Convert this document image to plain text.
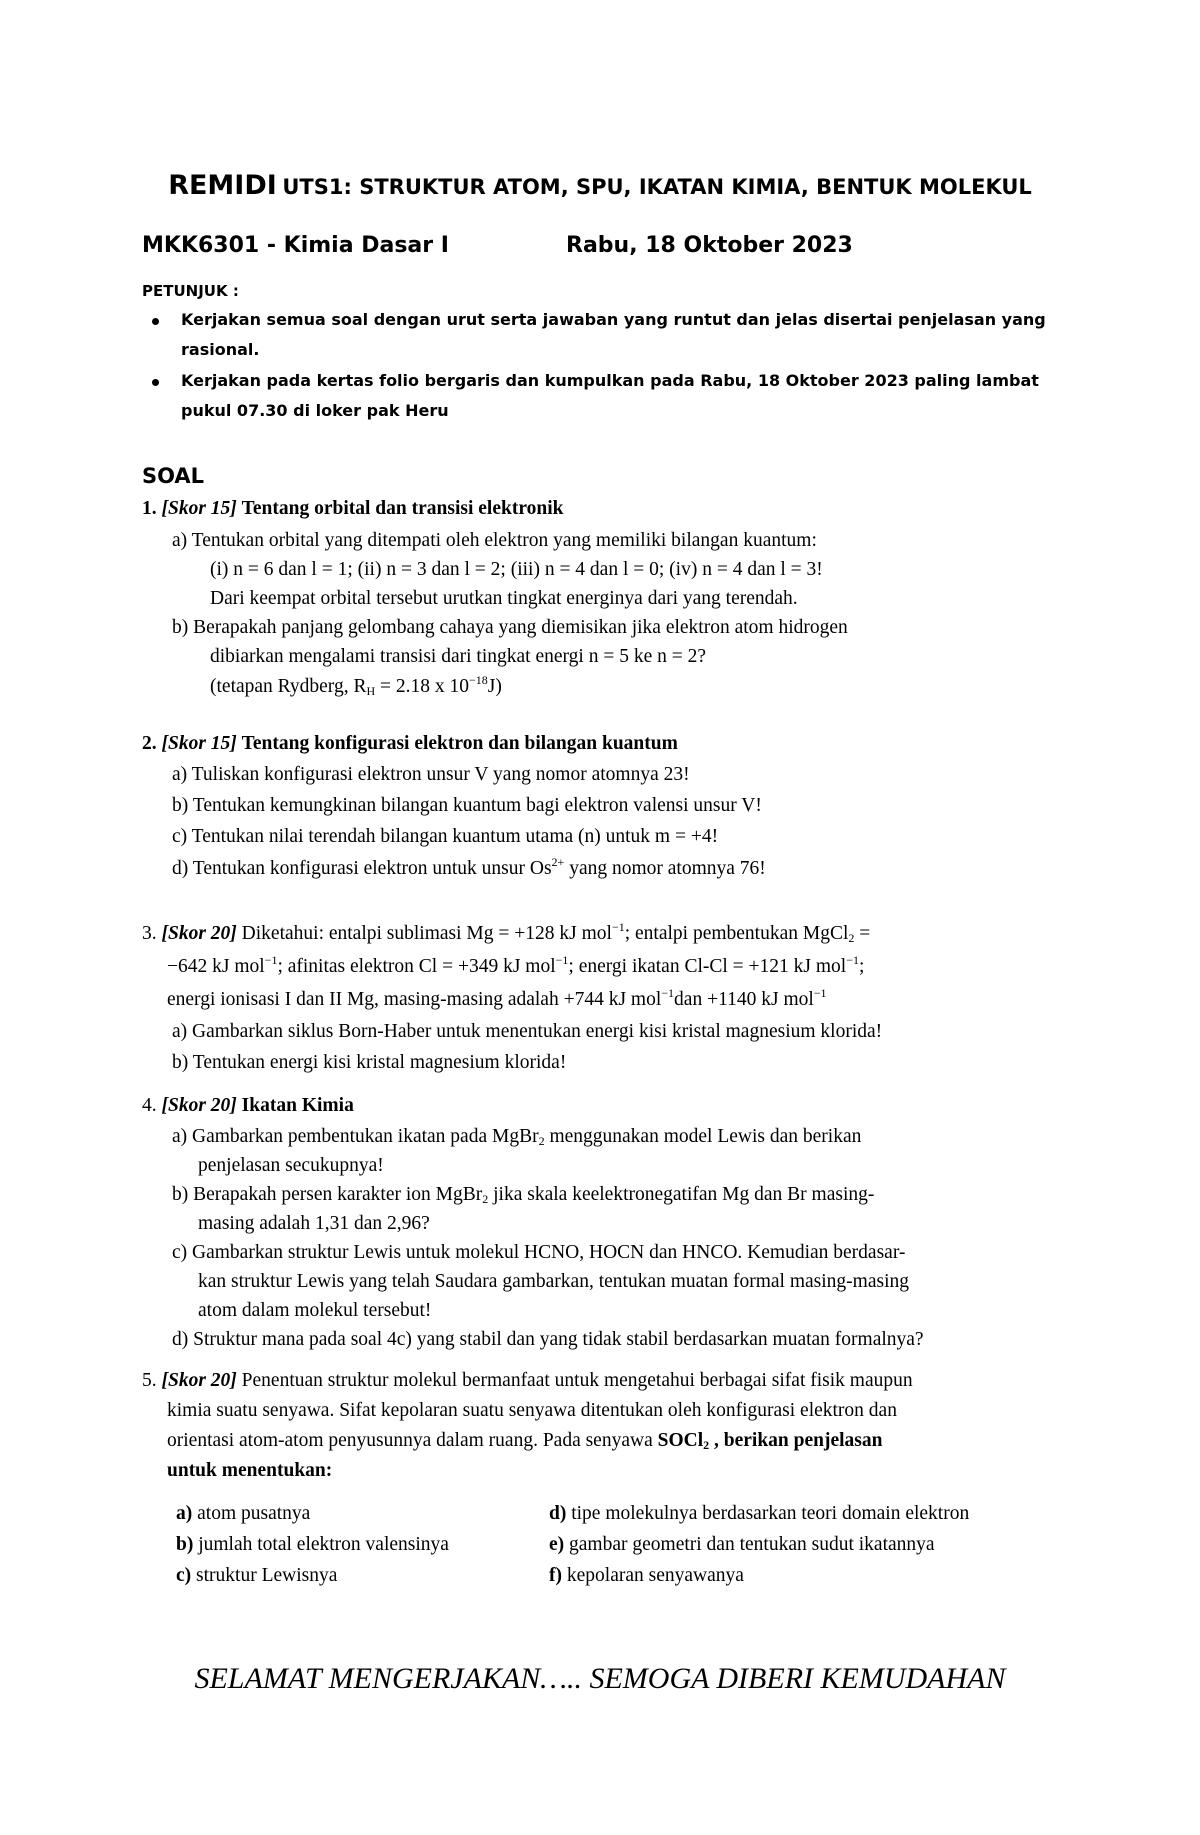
REMIDI UTS1: STRUKTUR ATOM, SPU, IKATAN KIMIA, BENTUK MOLEKUL
MKK6301 - Kimia Dasar I	Rabu, 18 Oktober 2023
PETUNJUK :
Kerjakan semua soal dengan urut serta jawaban yang runtut dan jelas disertai penjelasan yang
rasional.
Kerjakan pada kertas folio bergaris dan kumpulkan pada Rabu, 18 Oktober 2023 paling lambat
pukul 07.30 di loker pak Heru
SOAL
1. [Skor 15] Tentang orbital dan transisi elektronik
a) Tentukan orbital yang ditempati oleh elektron yang memiliki bilangan kuantum:
(i) n = 6 dan l = 1; (ii) n = 3 dan l = 2; (iii) n = 4 dan l = 0; (iv) n = 4 dan l = 3!
Dari keempat orbital tersebut urutkan tingkat energinya dari yang terendah.
b) Berapakah panjang gelombang cahaya yang diemisikan jika elektron atom hidrogen
dibiarkan mengalami transisi dari tingkat energi n = 5 ke n = 2?
(tetapan Rydberg, $R_H = 2.18$ x $10^{-18}J$)
2. [Skor 15] Tentang konfigurasi elektron dan bilangan kuantum
a) Tuliskan konfigurasi elektron unsur V yang nomor atomnya 23!
b) Tentukan kemungkinan bilangan kuantum bagi elektron valensi unsur V!
c) Tentukan nilai terendah bilangan kuantum utama (n) untuk m = +4!
d) Tentukan konfigurasi elektron untuk unsur $Os^{2+}$ yang nomor atomnya 76!
3. [Skor 20] Diketahui: entalpi sublimasi Mg = +128 kJ mol$^{-1}$; entalpi pembentukan MgCl$_2$ =
−642 kJ mol$^{-1}$; afinitas elektron Cl = +349 kJ mol$^{-1}$; energi ikatan Cl-Cl = +121 kJ mol$^{-1}$;
energi ionisasi I dan II Mg, masing-masing adalah +744 kJ mol$^{-1}$dan +1140 kJ mol$^{-1}$
a) Gambarkan siklus Born-Haber untuk menentukan energi kisi kristal magnesium klorida!
b) Tentukan energi kisi kristal magnesium klorida!
4. [Skor 20] Ikatan Kimia
a) Gambarkan pembentukan ikatan pada MgBr$_2$ menggunakan model Lewis dan berikan
penjelasan secukupnya!
b) Berapakah persen karakter ion MgBr$_2$ jika skala keelektronegatifan Mg dan Br masing-
masing adalah 1,31 dan 2,96?
c) Gambarkan struktur Lewis untuk molekul HCNO, HOCN dan HNCO. Kemudian berdasar-
kan struktur Lewis yang telah Saudara gambarkan, tentukan muatan formal masing-masing
atom dalam molekul tersebut!
d) Struktur mana pada soal 4c) yang stabil dan yang tidak stabil berdasarkan muatan formalnya?
5. [Skor 20] Penentuan struktur molekul bermanfaat untuk mengetahui berbagai sifat fisik maupun
kimia suatu senyawa. Sifat kepolaran suatu senyawa ditentukan oleh konfigurasi elektron dan
orientasi atom-atom penyusunnya dalam ruang. Pada senyawa SOCl$_2$ , berikan penjelasan
untuk menentukan:
a) atom pusatnya
b) jumlah total elektron valensinya
c) struktur Lewisnya
d) tipe molekulnya berdasarkan teori domain elektron
e) gambar geometri dan tentukan sudut ikatannya
f) kepolaran senyawanya
SELAMAT MENGERJAKAN….. SEMOGA DIBERI KEMUDAHAN
